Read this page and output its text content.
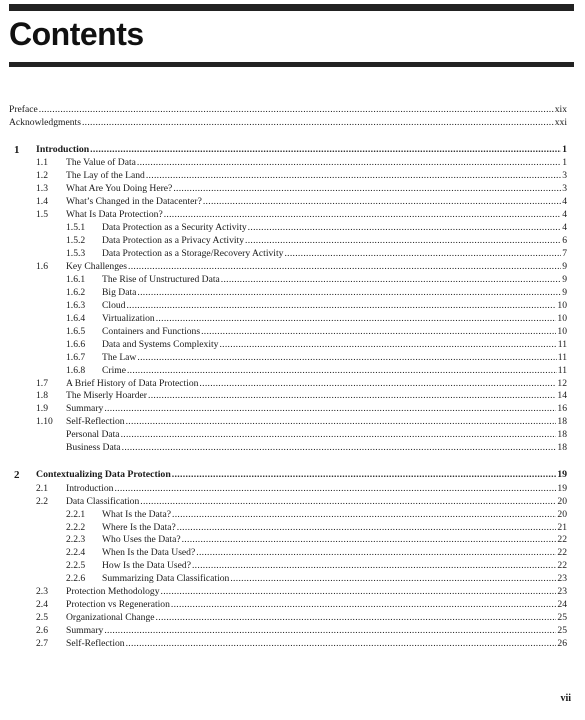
Contents
Preface .....	xix
Acknowledgments .....	xxi
1	Introduction .....	1
1.1	The Value of Data .....	1
1.2	The Lay of the Land .....	3
1.3	What Are You Doing Here? .....	3
1.4	What’s Changed in the Datacenter? .....	4
1.5	What Is Data Protection? .....	4
1.5.1	Data Protection as a Security Activity .....	4
1.5.2	Data Protection as a Privacy Activity .....	6
1.5.3	Data Protection as a Storage/Recovery Activity .....	7
1.6	Key Challenges .....	9
1.6.1	The Rise of Unstructured Data .....	9
1.6.2	Big Data .....	9
1.6.3	Cloud .....	10
1.6.4	Virtualization .....	10
1.6.5	Containers and Functions .....	10
1.6.6	Data and Systems Complexity .....	11
1.6.7	The Law .....	11
1.6.8	Crime .....	11
1.7	A Brief History of Data Protection .....	12
1.8	The Miserly Hoarder .....	14
1.9	Summary .....	16
1.10	Self-Reflection .....	18
Personal Data .....	18
Business Data .....	18
2	Contextualizing Data Protection .....	19
2.1	Introduction .....	19
2.2	Data Classification .....	20
2.2.1	What Is the Data? .....	20
2.2.2	Where Is the Data? .....	21
2.2.3	Who Uses the Data? .....	22
2.2.4	When Is the Data Used? .....	22
2.2.5	How Is the Data Used? .....	22
2.2.6	Summarizing Data Classification .....	23
2.3	Protection Methodology .....	23
2.4	Protection vs Regeneration .....	24
2.5	Organizational Change .....	25
2.6	Summary .....	25
2.7	Self-Reflection .....	26
vii
